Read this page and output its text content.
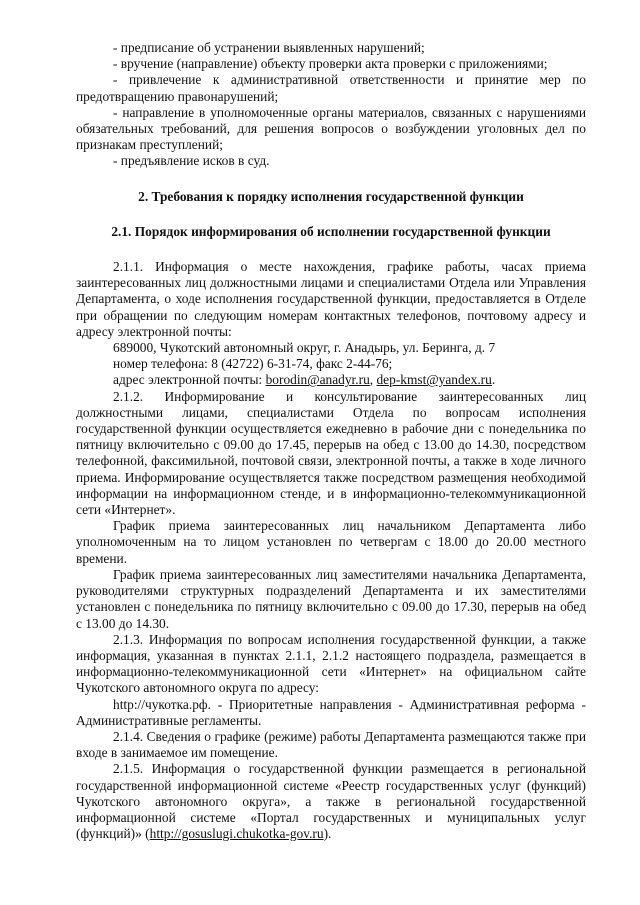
- предписание об устранении выявленных нарушений;

- вручение (направление) объекту проверки акта проверки с приложениями;

- привлечение к административной ответственности и принятие мер по предотвращению правонарушений;

- направление в уполномоченные органы материалов, связанных с нарушениями обязательных требований, для решения вопросов о возбуждении уголовных дел по признакам преступлений;

- предъявление исков в суд.

2. Требования к порядку исполнения государственной функции

2.1. Порядок информирования об исполнении государственной функции

2.1.1. Информация о месте нахождения, графике работы, часах приема заинтересованных лиц должностными лицами и специалистами Отдела или Управления Департамента, о ходе исполнения государственной функции, предоставляется в Отделе при обращении по следующим номерам контактных телефонов, почтовому адресу и адресу электронной почты:

689000, Чукотский автономный округ, г. Анадырь, ул. Беринга, д. 7

номер телефона: 8 (42722) 6-31-74, факс 2-44-76;

адрес электронной почты: borodin@anadyr.ru, dep-kmst@yandex.ru.

2.1.2. Информирование и консультирование заинтересованных лиц должностными лицами, специалистами Отдела по вопросам исполнения государственной функции осуществляется ежедневно в рабочие дни с понедельника по пятницу включительно с 09.00 до 17.45, перерыв на обед с 13.00 до 14.30, посредством телефонной, факсимильной, почтовой связи, электронной почты, а также в ходе личного приема. Информирование осуществляется также посредством размещения необходимой информации на информационном стенде, и в информационно-телекоммуникационной сети «Интернет».

График приема заинтересованных лиц начальником Департамента либо уполномоченным на то лицом установлен по четвергам с 18.00 до 20.00 местного времени.

График приема заинтересованных лиц заместителями начальника Департамента, руководителями структурных подразделений Департамента и их заместителями установлен с понедельника по пятницу включительно с 09.00 до 17.30, перерыв на обед с 13.00 до 14.30.

2.1.3. Информация по вопросам исполнения государственной функции, а также информация, указанная в пунктах 2.1.1, 2.1.2 настоящего подраздела, размещается в информационно-телекоммуникационной сети «Интернет» на официальном сайте Чукотского автономного округа по адресу:

http://чукотка.рф. - Приоритетные направления - Административная реформа - Административные регламенты.

2.1.4. Сведения о графике (режиме) работы Департамента размещаются также при входе в занимаемое им помещение.

2.1.5. Информация о государственной функции размещается в региональной государственной информационной системе «Реестр государственных услуг (функций) Чукотского автономного округа», а также в региональной государственной информационной системе «Портал государственных и муниципальных услуг (функций)» (http://gosuslugi.chukotka-gov.ru).
